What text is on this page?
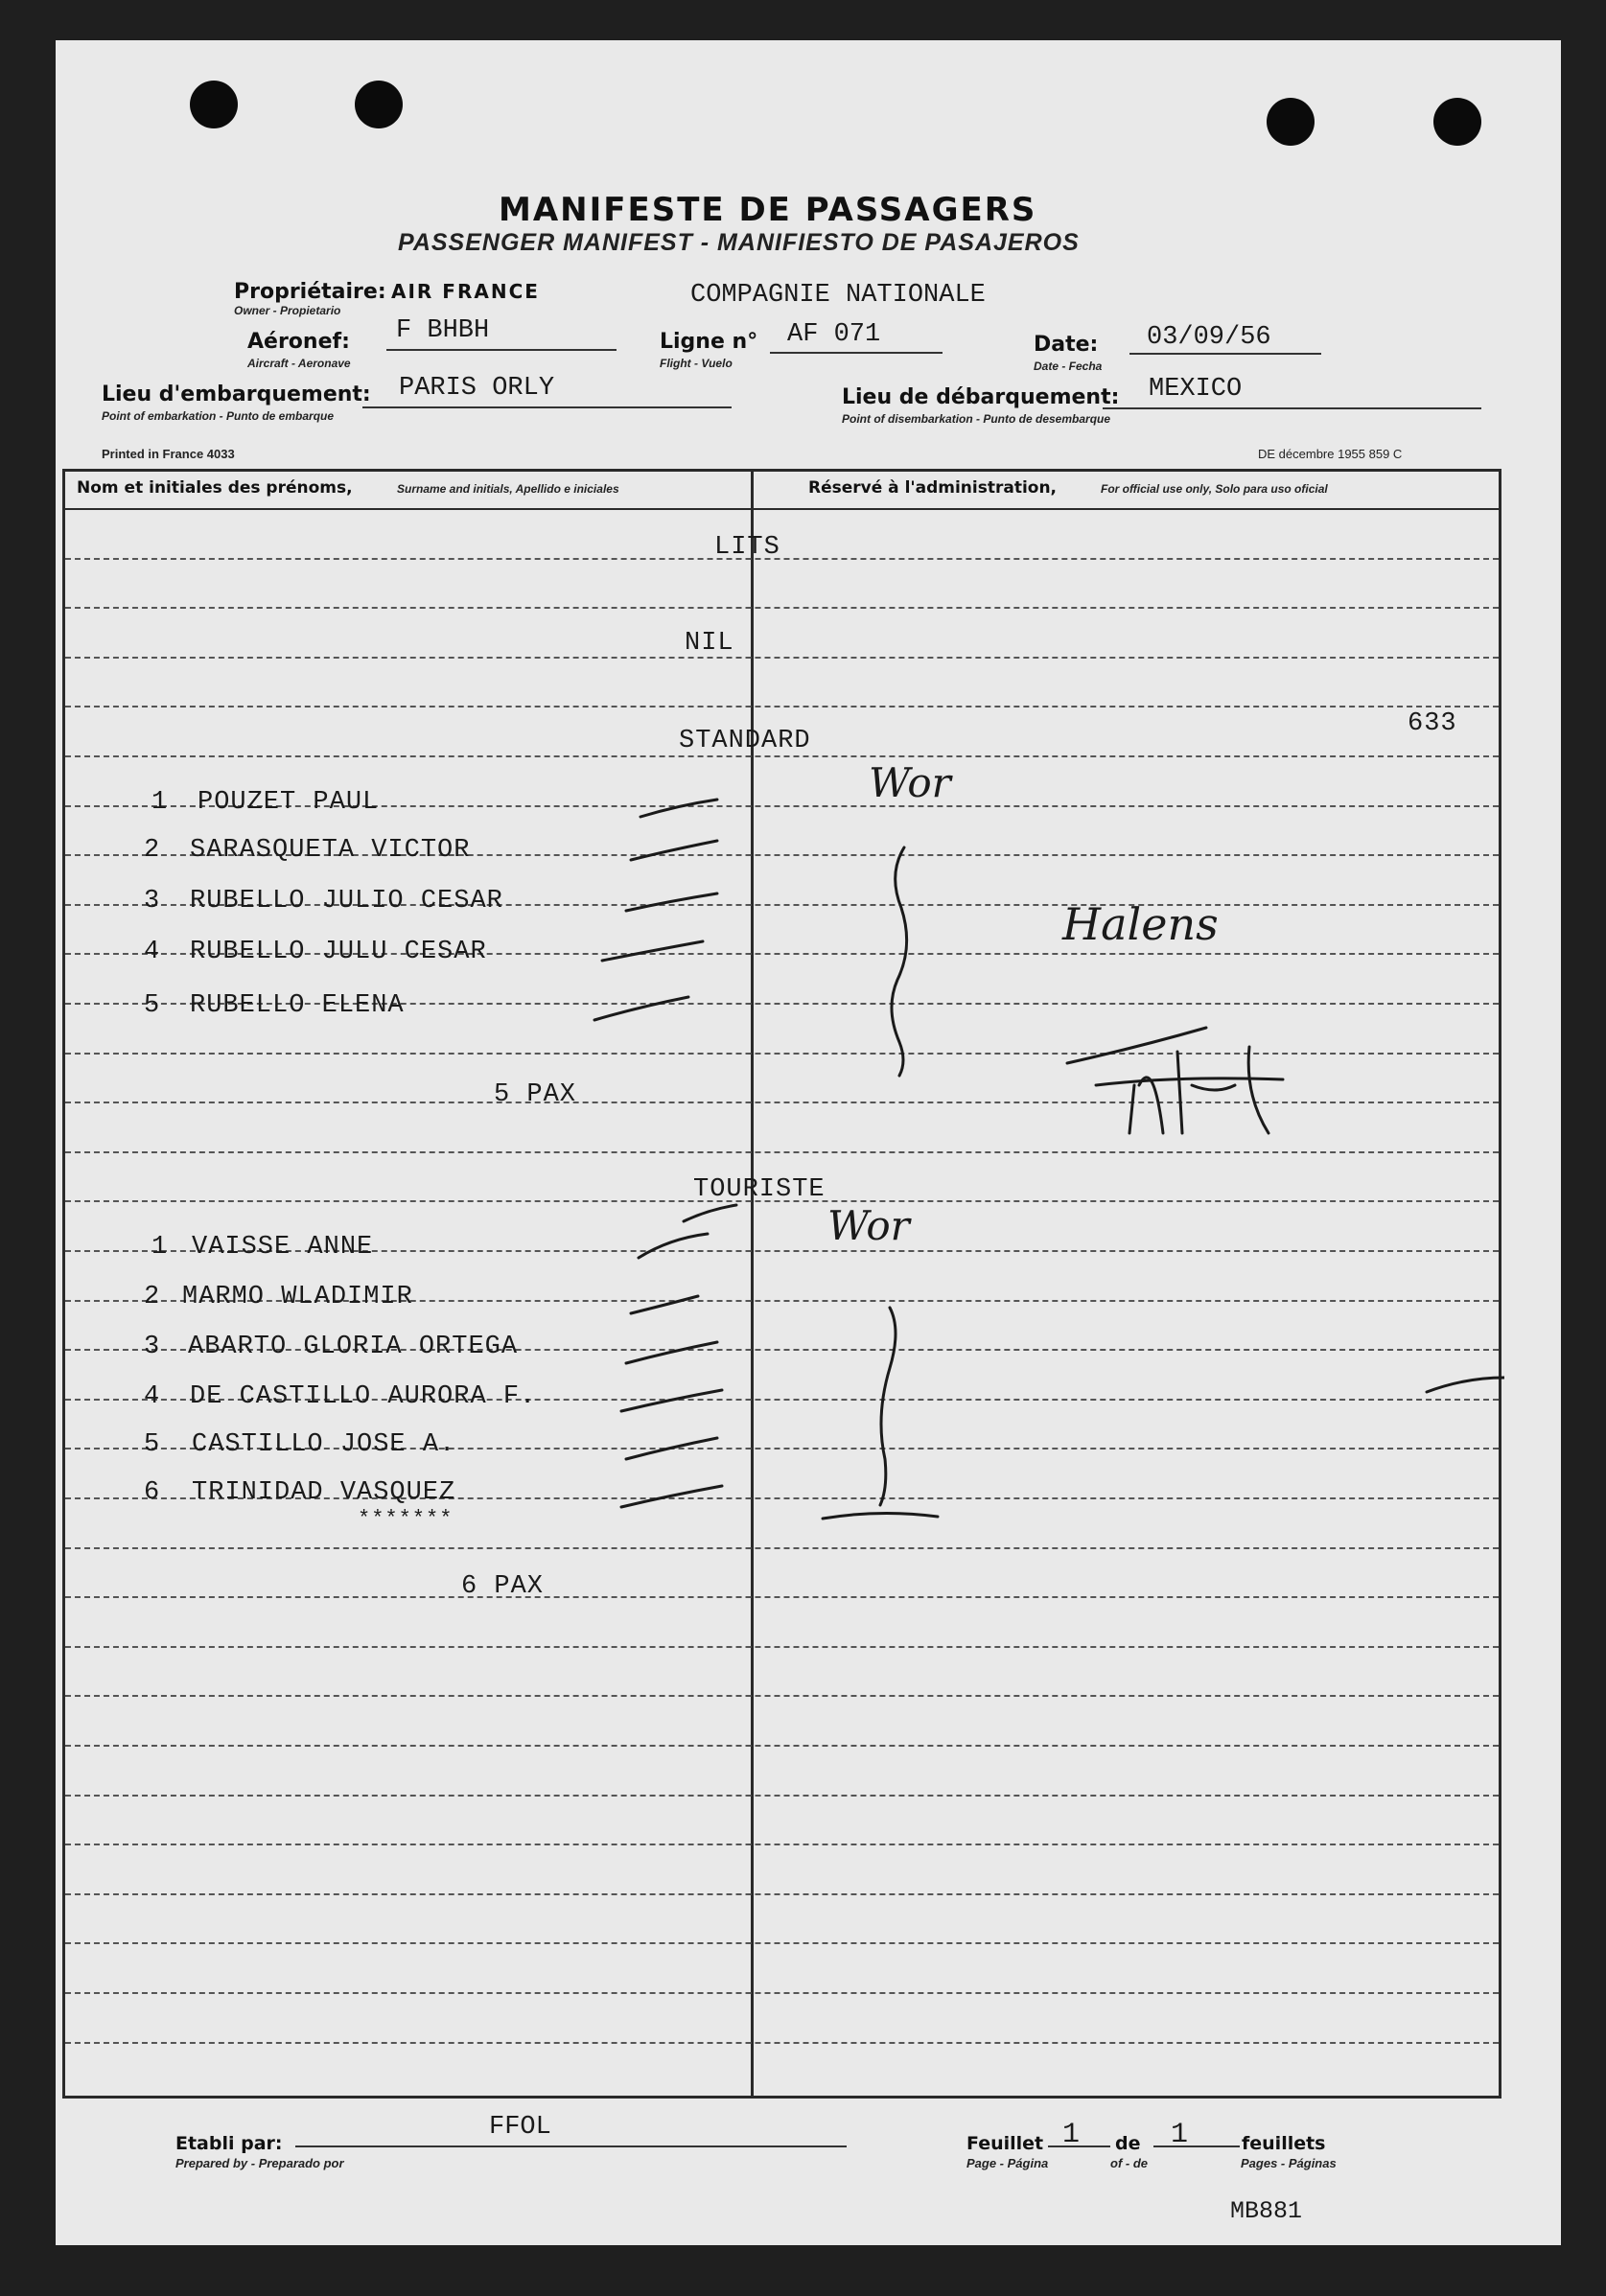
MANIFESTE DE PASSAGERS
PASSENGER MANIFEST - MANIFIESTO DE PASAJEROS
Propriétaire:
Owner - Propietario
AIR FRANCE	COMPAGNIE NATIONALE
Aéronef:
Aircraft - Aeronave
F BHBH	Ligne n°
Flight - Vuelo
AF 071	Date:
Date - Fecha
03/09/56
Lieu d'embarquement:
Point of embarkation - Punto de embarque
PARIS ORLY	Lieu de débarquement:
Point of disembarkation - Punto de desembarque
MEXICO
Printed in France 4033	DE décembre 1955 859 C
Nom et initiales des prénoms,	Surname and initials, Apellido e iniciales	Réservé à l'administration,	For official use only, Solo para uso oficial
LITS
NIL
633
STANDARD
1 POUZET PAUL
2 SARASQUETA VICTOR
3 RUBELLO JULIO CESAR
4 RUBELLO JULU CESAR
5 RUBELLO ELENA
5 PAX
TOURISTE
1 VAISSE ANNE
2 MARMO WLADIMIR
3 ABARTO GLORIA ORTEGA
4 DE CASTILLO AURORA F.
5 CASTILLO JOSE A.
6 TRINIDAD VASQUEZ
*******
6 PAX
Wor
Wor
Halens
Etabli par:
Prepared by - Preparado por
FFOL
Feuillet 1 de 1	feuillets
Page - Página	of - de	Pages - Páginas
MB881
